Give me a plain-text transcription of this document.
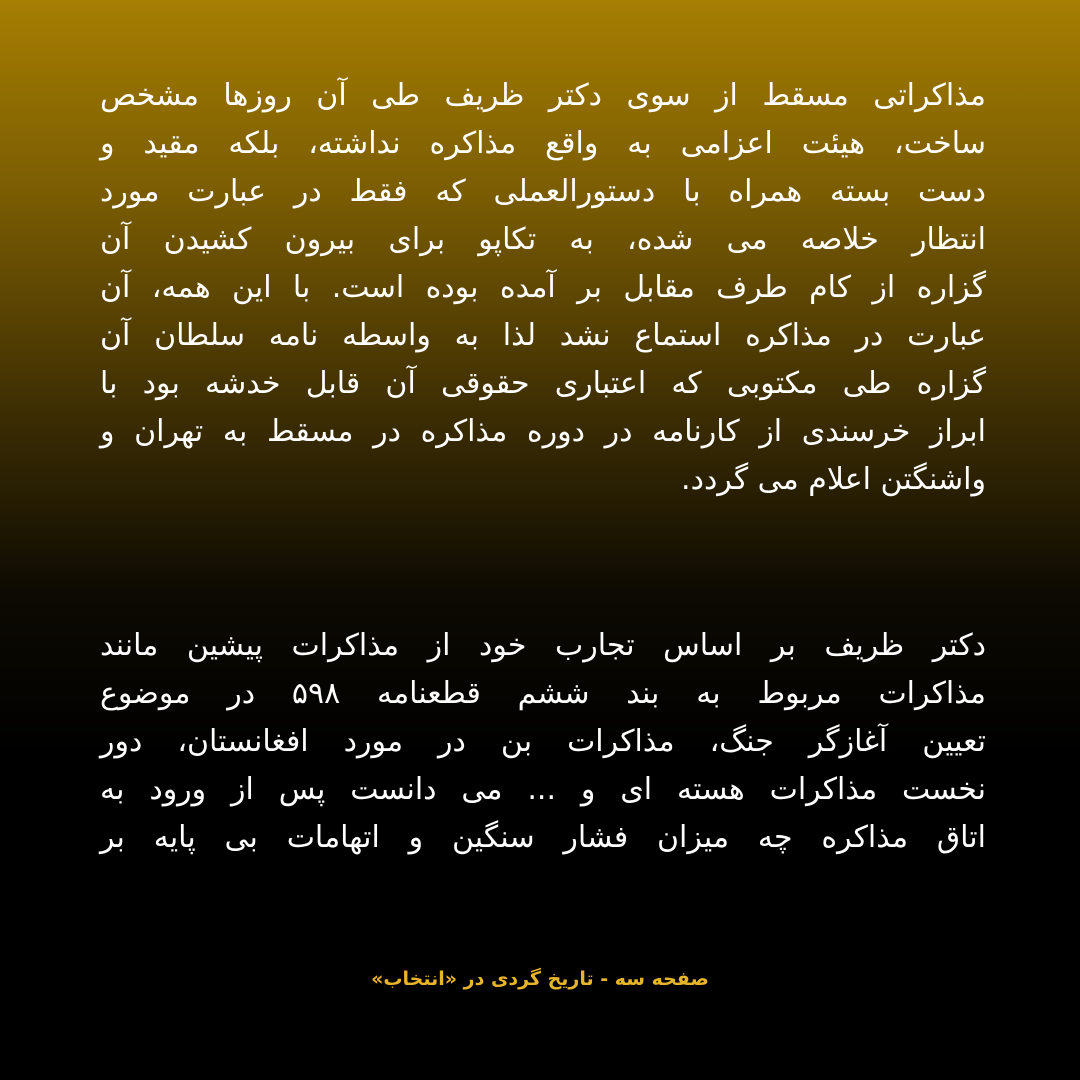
مذاکراتی مسقط از سوی دکتر ظریف طی آن روزها مشخص
ساخت، هیئت اعزامی به واقع مذاکره نداشته، بلکه مقید و
دست بسته همراه با دستورالعملی که فقط در عبارت مورد
انتظار خلاصه می شده، به تکاپو برای بیرون کشیدن آن
گزاره از کام طرف مقابل بر آمده بوده است. با این همه، آن
عبارت در مذاکره استماع نشد لذا به واسطه نامه سلطان آن
گزاره طی مکتوبی که اعتباری حقوقی آن قابل خدشه بود با
ابراز خرسندی از کارنامه در دوره مذاکره در مسقط به تهران و
واشنگتن اعلام می گردد.
دکتر ظریف بر اساس تجارب خود از مذاکرات پیشین مانند
مذاکرات مربوط به بند ششم قطعنامه ۵۹۸ در موضوع
تعیین آغازگر جنگ، مذاکرات بن در مورد افغانستان، دور
نخست مذاکرات هسته ای و ... می دانست پس از ورود به
اتاق مذاکره چه میزان فشار سنگین و اتهامات بی پایه بر
صفحه سه - تاریخ گردی در «انتخاب»
